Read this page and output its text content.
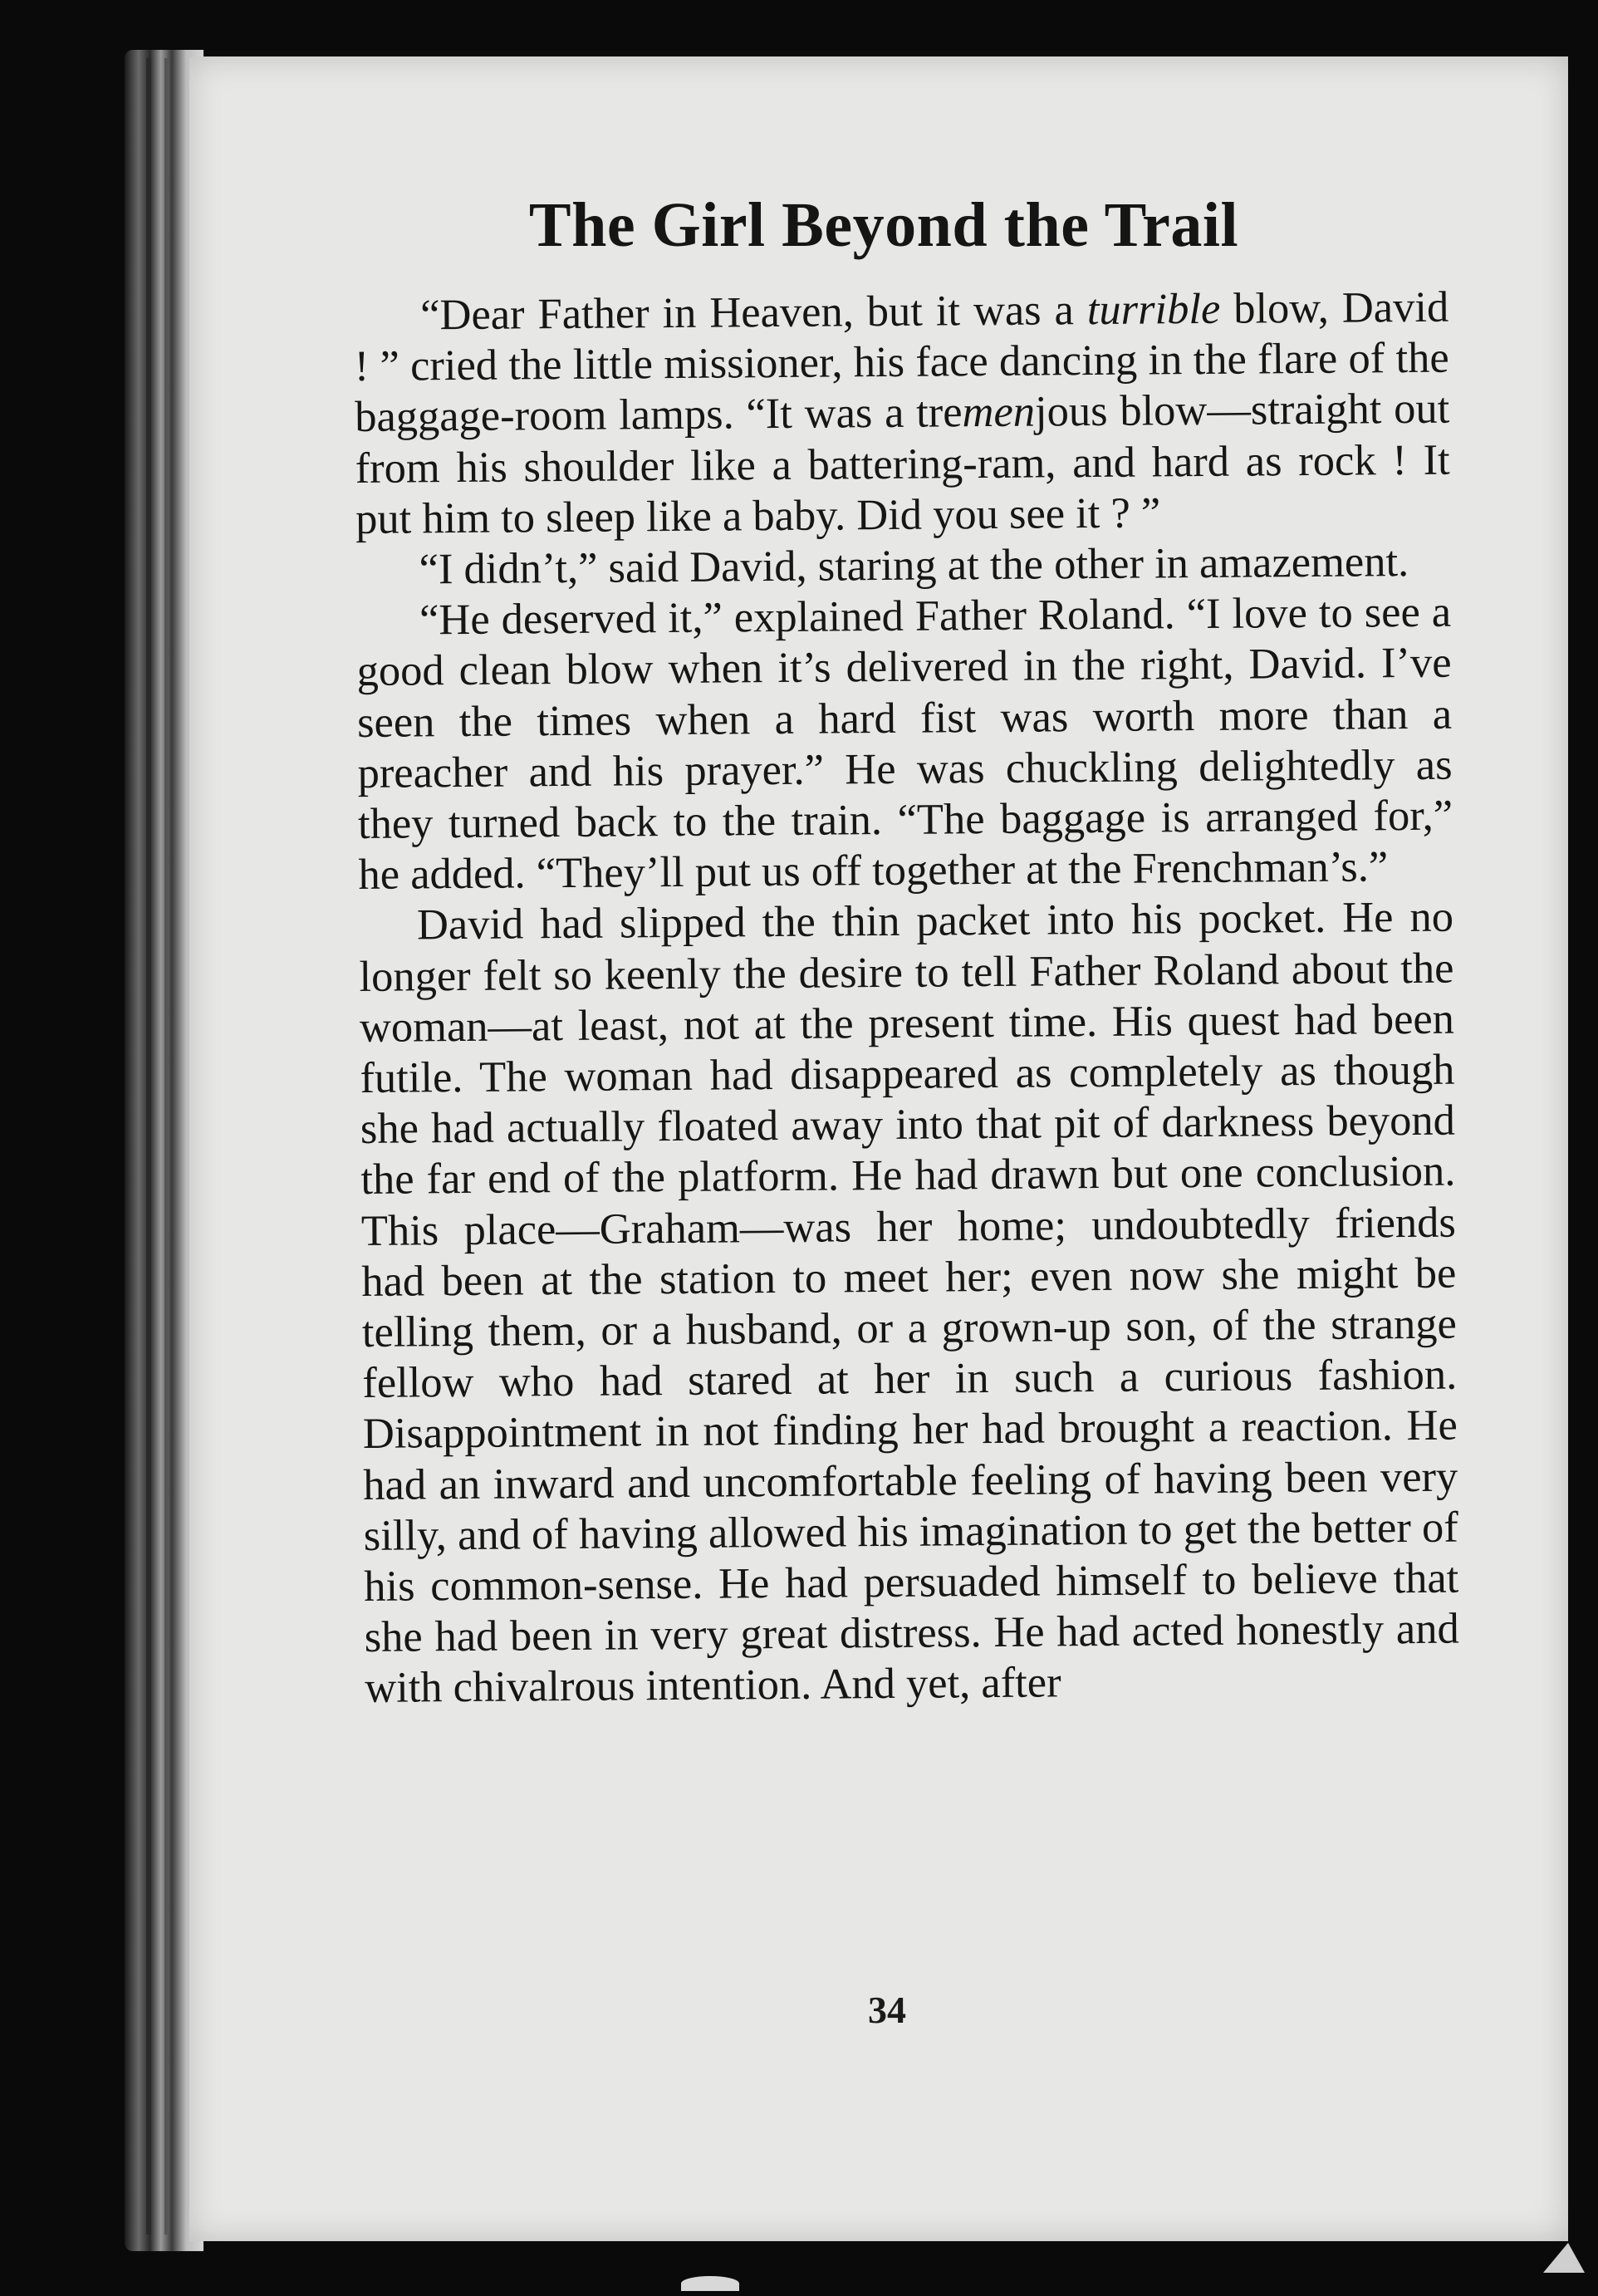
The Girl Beyond the Trail

“Dear Father in Heaven, but it was a turrible blow, David ! ” cried the little missioner, his face dancing in the flare of the baggage-room lamps. “It was a tremenjous blow—straight out from his shoulder like a battering-ram, and hard as rock ! It put him to sleep like a baby. Did you see it ? ”

“I didn’t,” said David, staring at the other in amazement.

“He deserved it,” explained Father Roland. “I love to see a good clean blow when it’s delivered in the right, David. I’ve seen the times when a hard fist was worth more than a preacher and his prayer.” He was chuckling delightedly as they turned back to the train. “The baggage is arranged for,” he added. “They’ll put us off together at the Frenchman’s.”

David had slipped the thin packet into his pocket. He no longer felt so keenly the desire to tell Father Roland about the woman—at least, not at the present time. His quest had been futile. The woman had disappeared as completely as though she had actually floated away into that pit of darkness beyond the far end of the platform. He had drawn but one conclusion. This place—Graham—was her home; undoubtedly friends had been at the station to meet her; even now she might be telling them, or a husband, or a grown-up son, of the strange fellow who had stared at her in such a curious fashion. Disappointment in not finding her had brought a reaction. He had an inward and uncomfortable feeling of having been very silly, and of having allowed his imagination to get the better of his common-sense. He had persuaded himself to believe that she had been in very great distress. He had acted honestly and with chivalrous intention. And yet, after

34
